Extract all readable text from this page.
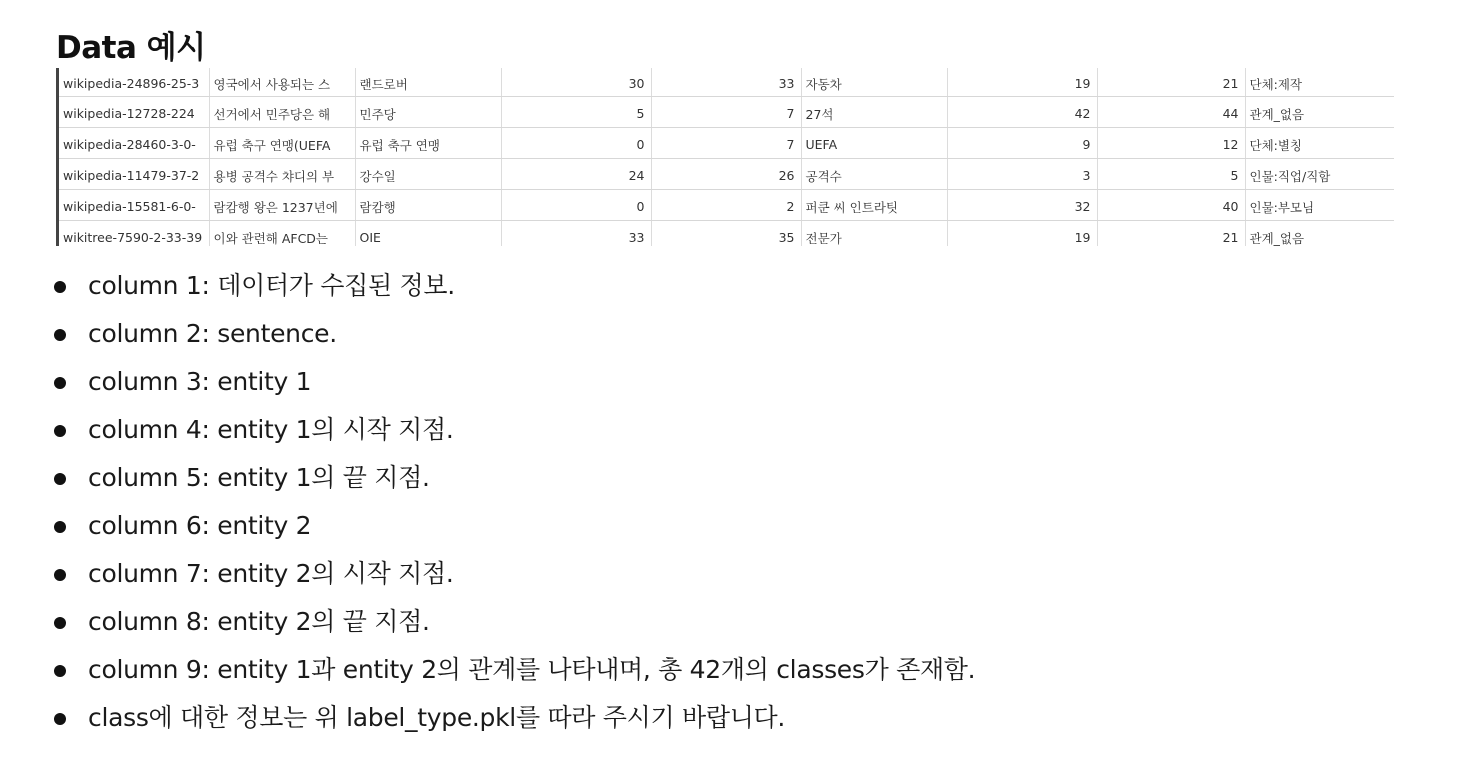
Data 예시
wikipedia-24896-25-3	영국에서 사용되는 스	랜드로버	30	33	자동차	19	21	단체:제작
wikipedia-12728-224	선거에서 민주당은 해	민주당	5	7	27석	42	44	관계_없음
wikipedia-28460-3-0-	유럽 축구 연맹(UEFA	유럽 축구 연맹	0	7	UEFA	9	12	단체:별칭
wikipedia-11479-37-2	용병 공격수 챠디의 부	강수일	24	26	공격수	3	5	인물:직업/직함
wikipedia-15581-6-0-	람캄행 왕은 1237년에	람캄행	0	2	퍼쿤 씨 인트라팃	32	40	인물:부모님
wikitree-7590-2-33-39	이와 관련해 AFCD는	OIE	33	35	전문가	19	21	관계_없음
column 1: 데이터가 수집된 정보.
column 2: sentence.
column 3: entity 1
column 4: entity 1의 시작 지점.
column 5: entity 1의 끝 지점.
column 6: entity 2
column 7: entity 2의 시작 지점.
column 8: entity 2의 끝 지점.
column 9: entity 1과 entity 2의 관계를 나타내며, 총 42개의 classes가 존재함.
class에 대한 정보는 위 label_type.pkl를 따라 주시기 바랍니다.
